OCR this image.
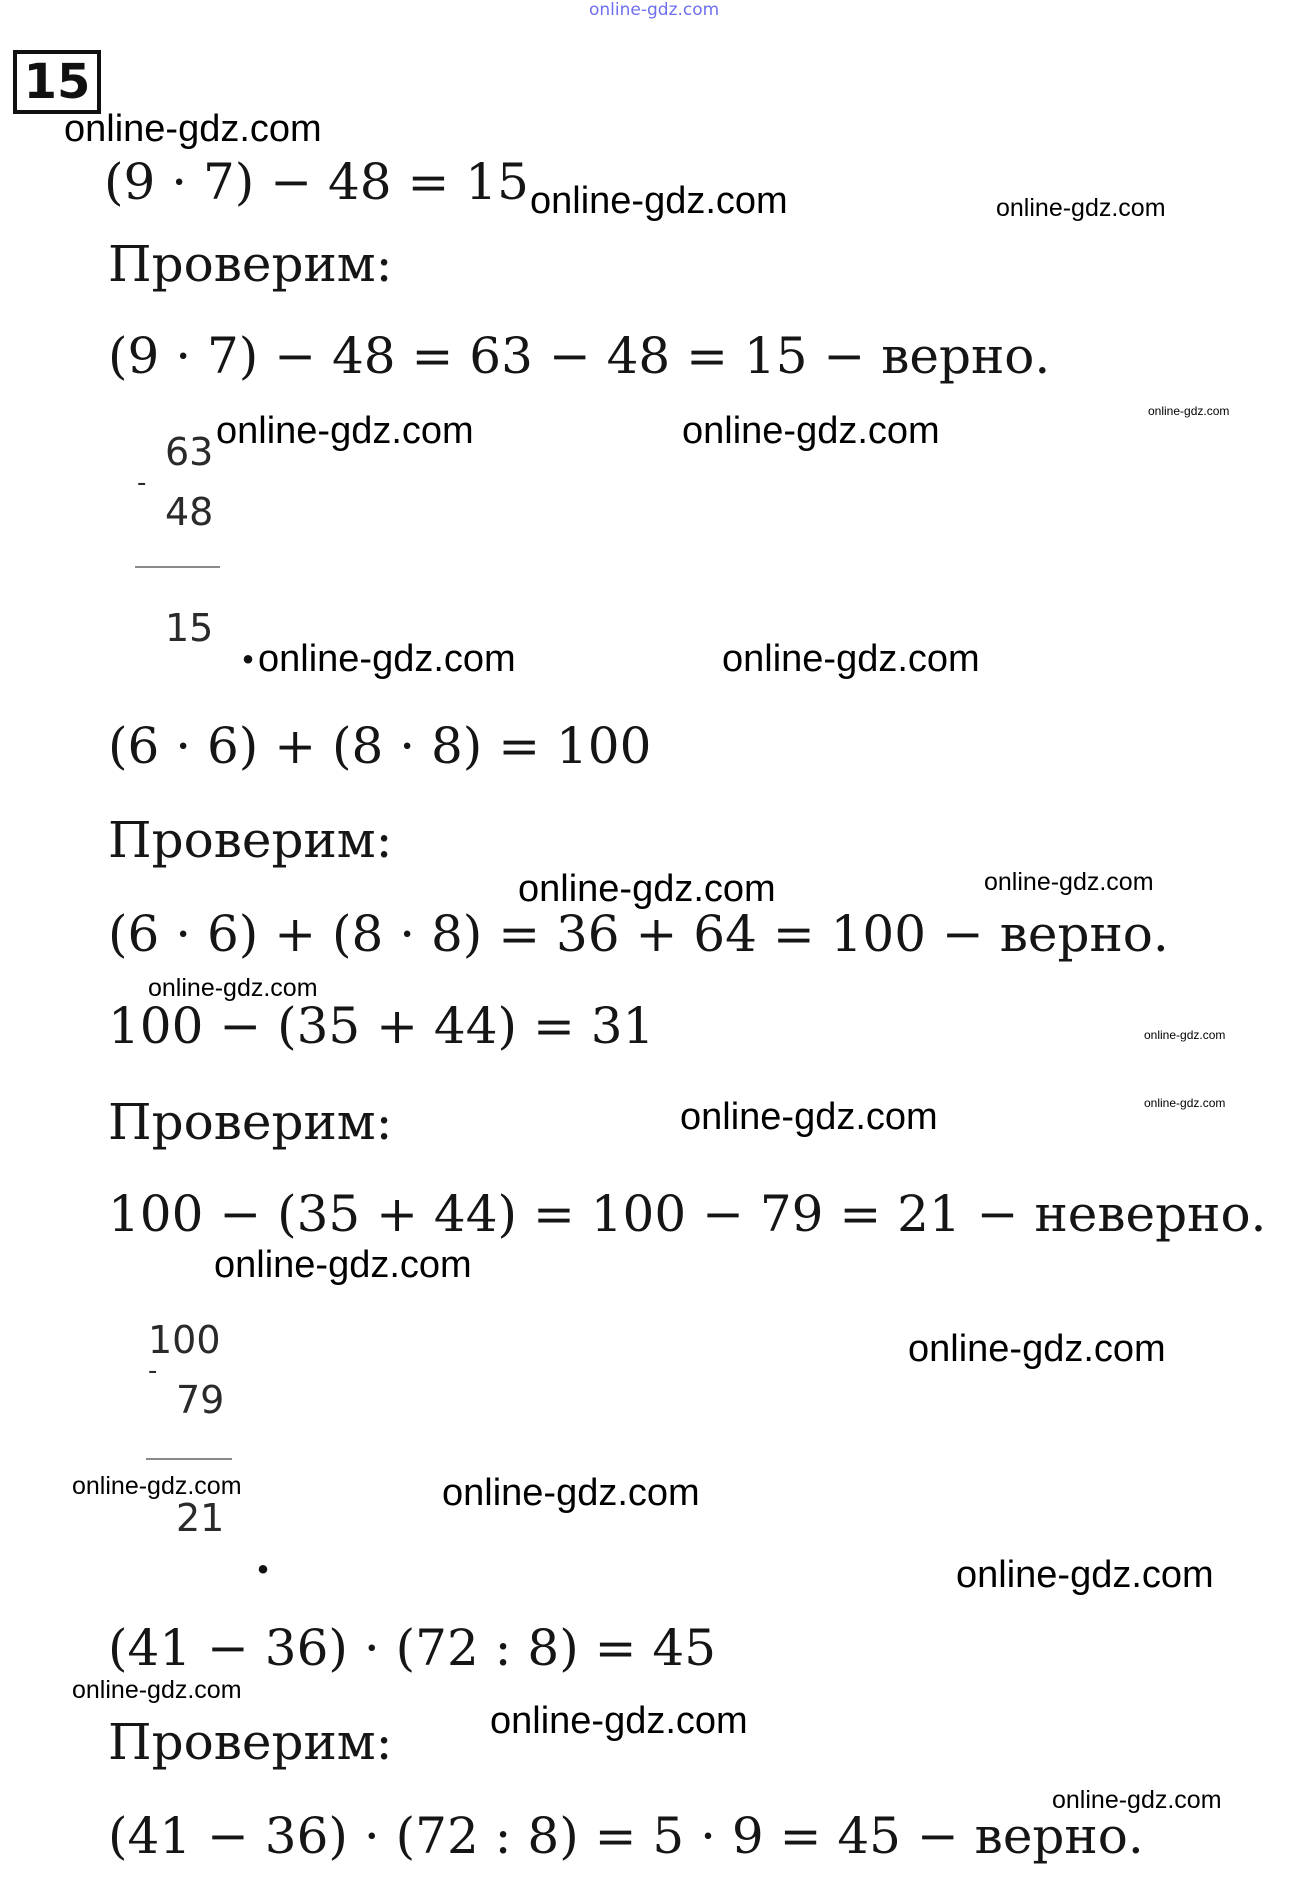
online-gdz.com
15
(9 · 7) − 48 = 15
Проверим:
(9 · 7) − 48 = 63 − 48 = 15 − верно.
63
-
48
15 .
(6 · 6) + (8 · 8) = 100
Проверим:
(6 · 6) + (8 · 8) = 36 + 64 = 100 − верно.
100 − (35 + 44) = 31
Проверим:
100 − (35 + 44) = 100 − 79 = 21 − неверно.
100
-
79
21
.
(41 − 36) · (72 : 8) = 45
Проверим:
(41 − 36) · (72 : 8) = 5 · 9 = 45 − верно.
online-gdz.com
online-gdz.com	online-gdz.com
online-gdz.com	online-gdz.com	online-gdz.com
online-gdz.com	online-gdz.com
online-gdz.com	online-gdz.com
online-gdz.com
online-gdz.com
online-gdz.com
online-gdz.com
online-gdz.com
online-gdz.com
online-gdz.com	online-gdz.com
online-gdz.com
online-gdz.com
online-gdz.com
online-gdz.com
